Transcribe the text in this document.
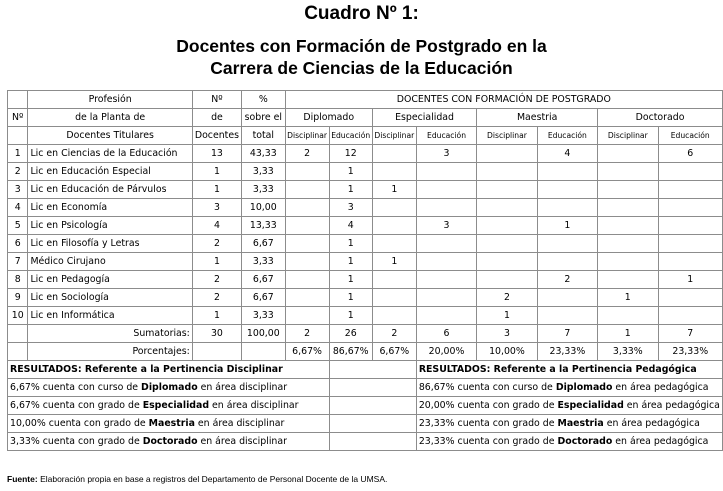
Cuadro Nº 1:
Docentes con Formación de Postgrado en la
Carrera de Ciencias de la Educación
	Profesión	Nº	%	DOCENTES CON FORMACIÓN DE POSTGRADO							
Nº	de la Planta de	de	sobre el	Diplomado		Especialidad		Maestria		Doctorado	
	Docentes Titulares	Docentes	total	Disciplinar	Educación	Disciplinar	Educación	Disciplinar	Educación	Disciplinar	Educación
1	Lic en Ciencias de la Educación	13	43,33	2	12		3		4		6
2	Lic en Educación Especial	1	3,33		1						
3	Lic en Educación de Párvulos	1	3,33		1	1					
4	Lic en Economía	3	10,00		3						
5	Lic en Psicología	4	13,33		4		3		1		
6	Lic en Filosofía y Letras	2	6,67		1						
7	Médico Cirujano	1	3,33		1	1					
8	Lic en Pedagogía	2	6,67		1				2		1
9	Lic en Sociología	2	6,67		1			2		1	
10	Lic en Informática	1	3,33		1			1			
	Sumatorias:	30	100,00	2	26	2	6	3	7	1	7
	Porcentajes:			6,67%	86,67%	6,67%	20,00%	10,00%	23,33%	3,33%	23,33%
RESULTADOS: Referente a la Pertinencia Disciplinar							RESULTADOS: Referente a la Pertinencia Pedagógica				
6,67% cuenta con curso de Diplomado en área disciplinar							86,67% cuenta con curso de Diplomado en área pedagógica				
6,67% cuenta con grado de Especialidad en área disciplinar							20,00% cuenta con grado de Especialidad en área pedagógica				
10,00% cuenta con grado de Maestria en área disciplinar							23,33% cuenta con grado de Maestria en área pedagógica				
3,33% cuenta con grado de Doctorado en área disciplinar							23,33% cuenta con grado de Doctorado en área pedagógica				
Fuente: Elaboración propia en base a registros del Departamento de Personal Docente de la UMSA.
